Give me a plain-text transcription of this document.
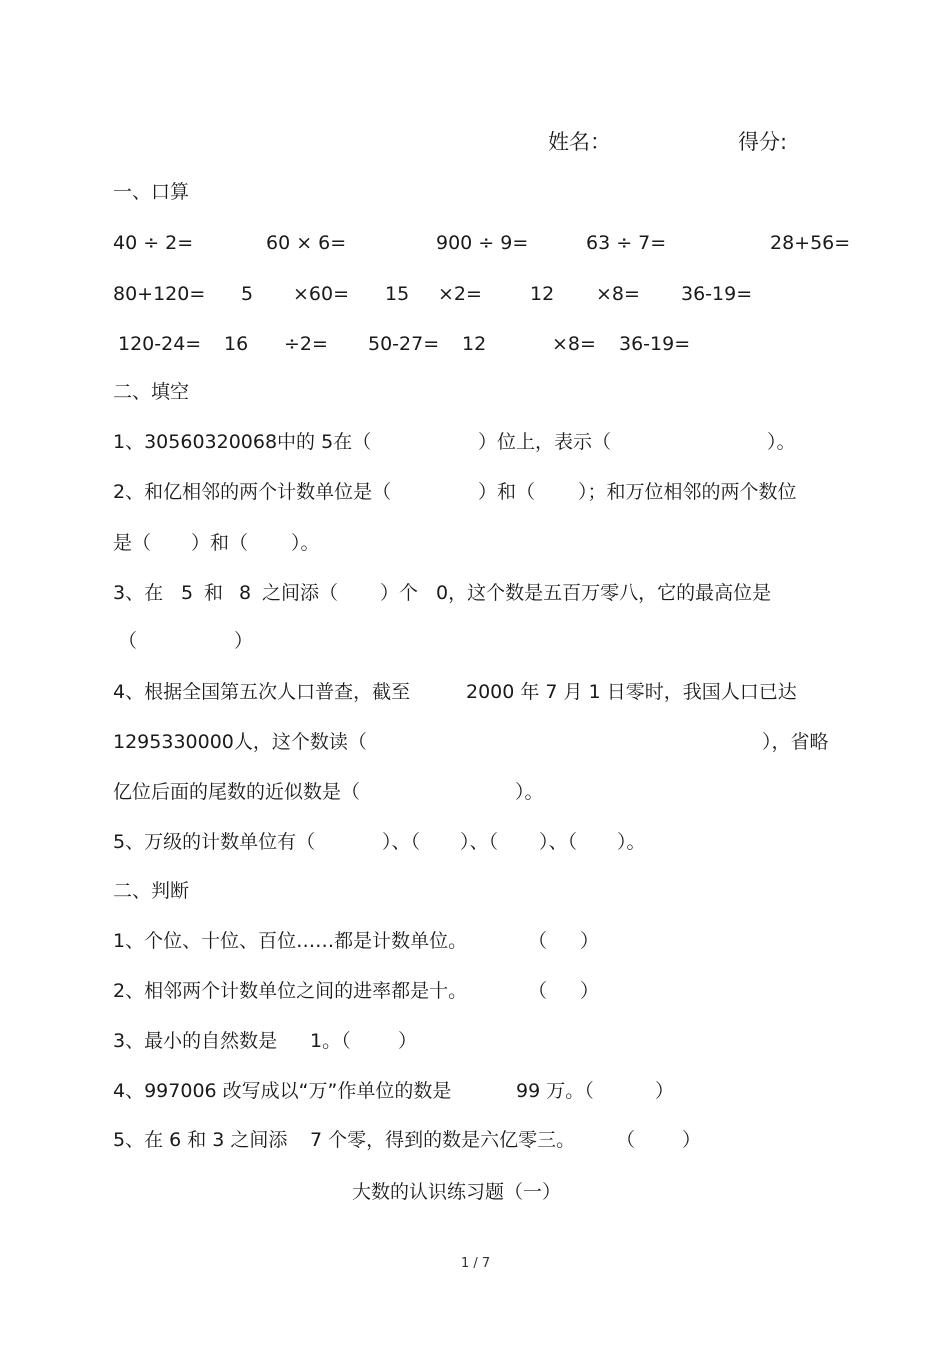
姓名：	得分:
一、口算
40 ÷ 2=	60 × 6=	900 ÷ 9=	63 ÷ 7=	28+56=
80+120= 5 ×60= 15 ×2=	12 ×8= 36-19=
120-24= 16 ÷2= 50-27= 12	×8= 36-19=
二、填空
1、30560320068中的 5在（	）位上，表示（	）。
2、和亿相邻的两个计数单位是（	）和（ ）；和万位相邻的两个数位
是（ ）和（ ）。
3、在 5 和 8 之间添（ ）个 0，这个数是五百万零八，它的最高位是
（	）
4、根据全国第五次人口普查，截至	2000 年 7 月 1 日零时，我国人口已达
1295330000人，这个数读（	），省略
亿位后面的尾数的近似数是（	）。
5、万级的计数单位有（	）、（ ）、（ ）、（ ）。
二、判断
1、个位、十位、百位……都是计数单位。	（ ）
2、相邻两个计数单位之间的进率都是十。	（ ）
3、最小的自然数是 1。（ ）
4、997006 改写成以“万”作单位的数是	99 万。（	）
5、在 6 和 3 之间添 7 个零，得到的数是六亿零三。 （ ）
大数的认识练习题（一）
1 / 7
